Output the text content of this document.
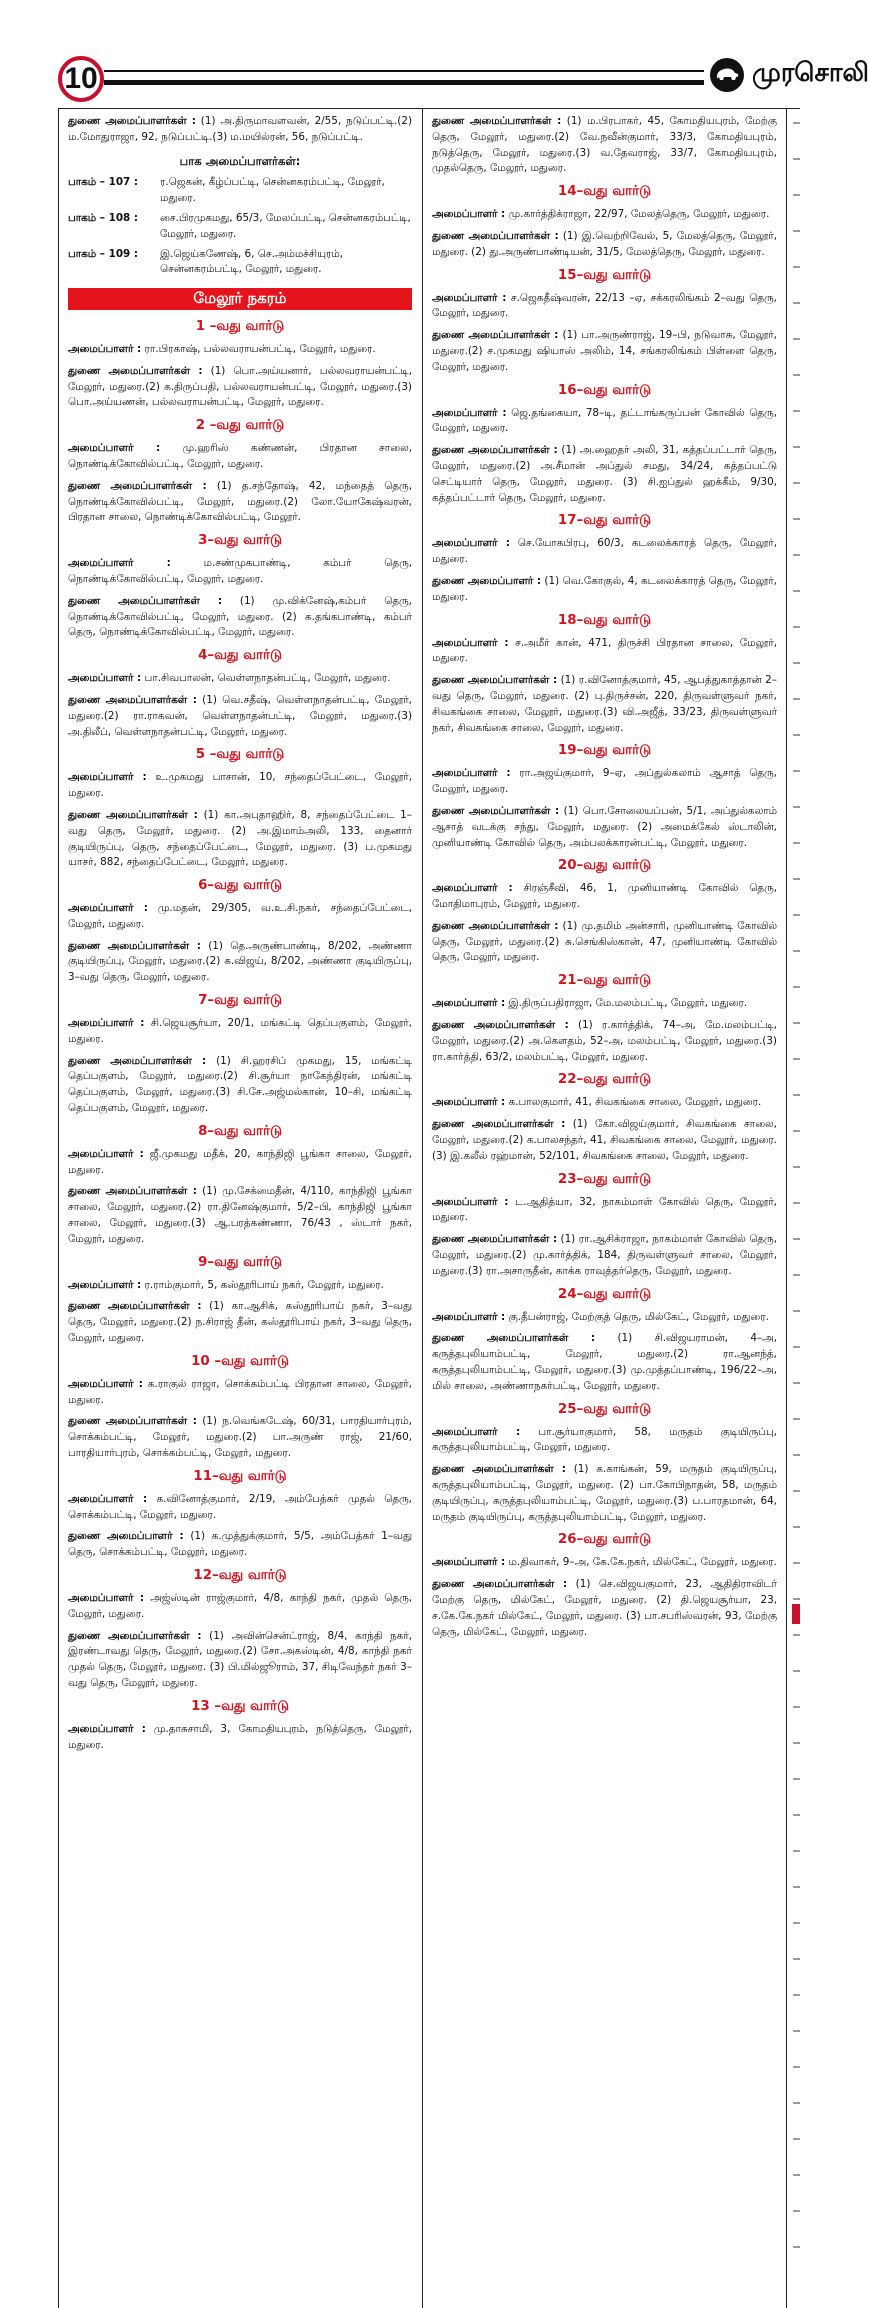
10	முரசொலி

துணை அமைப்பாளர்கள் : (1) அ.திருமாவளவன், 2/55, நடுப்பட்டி.(2) ம.மோதுராஜா, 92, நடுப்பட்டி.(3) ம.மயில்ரன், 56, நடுப்பட்டி.

பாக அமைப்பாளர்கள்:
பாகம் – 107 :	ர.ஜெகன், கீழ்ப்பட்டி, சென்னகரம்பட்டி, மேலூர், மதுரை.
பாகம் – 108 :	சை.பிரமுகமது, 65/3, மேலப்பட்டி, சென்னகரம்பட்டி, மேலூர், மதுரை.
பாகம் – 109 :	இ.ஜெய்கணேஷ், 6, செ.அம்மச்சியுரம், சென்னகரம்பட்டி, மேலூர், மதுரை.
மேலூர் நகரம்
1 –வது வார்டு

அமைப்பாளர் : ரா.பிரகாஷ், பல்லவராயன்பட்டி, மேலூர், மதுரை.

துணை அமைப்பாளர்கள் : (1) பொ.அய்யனார், பல்லவராயன்பட்டி, மேலூர், மதுரை.(2) க.திருப்பதி, பல்லவராயன்பட்டி, மேலூர், மதுரை.(3) பொ.அய்யணன், பல்லவராயன்பட்டி, மேலூர், மதுரை.

2 –வது வார்டு

அமைப்பாளர் : மு.ஹரிஸ் கண்ணன், பிரதான சாலை, நொண்டிக்கோவில்பட்டி, மேலூர், மதுரை.

துணை அமைப்பாளர்கள் : (1) த.சந்தோஷ், 42, மந்தைத் தெரு, நொண்டிக்கோவில்பட்டி, மேலூர், மதுரை.(2) லோ.யோகேஷ்வரன், பிரதான சாலை, நொண்டிக்கோவில்பட்டி, மேலூர்.

3–வது வார்டு

அமைப்பாளர் :	ம.சண்முகபாண்டி, கம்பர் தெரு, நொண்டிக்கோவில்பட்டி, மேலூர், மதுரை.

துணை அமைப்பாளர்கள் : (1) மு.விக்னேஷ்,கம்பர் தெரு, நொண்டிக்கோவில்பட்டி, மேலூர், மதுரை. (2) க.தங்கபாண்டி, கம்பர் தெரு, நொண்டிக்கோவில்பட்டி, மேலூர், மதுரை.

4–வது வார்டு

அமைப்பாளர் : பா.சிவபாலன், வெள்ளநாதன்பட்டி, மேலூர், மதுரை.

துணை அமைப்பாளர்கள் : (1) வெ.சதீஷ், வெள்ளநாதன்பட்டி, மேலூர், மதுரை.(2) ரா.ராகவன், வெள்ளநாதன்பட்டி, மேலூர், மதுரை.(3) அ.திலீப், வெள்ளநாதன்பட்டி, மேலூர், மதுரை.

5 –வது வார்டு

அமைப்பாளர் : உ.முகமது பாசான், 10, சந்தைப்பேட்டை, மேலூர், மதுரை.

துணை அமைப்பாளர்கள் : (1) கா.அபுதாஹிர், 8, சந்தைப்பேட்டை 1–வது தெரு, மேலூர், மதுரை. (2) அ.இமாம்அலி, 133, தைனார் குடியிருப்பு, தெரு, சந்தைப்பேட்டை, மேலூர், மதுரை. (3) ப.முகமது யாசர், 882, சந்தைப்பேட்டை, மேலூர், மதுரை.

6–வது வார்டு

அமைப்பாளர் : மு.மதன், 29/305, வ.உ.சி.நகர், சந்தைப்பேட்டை, மேலூர், மதுரை.

துணை அமைப்பாளர்கள் : (1) தெ.அருண்பாண்டி, 8/202, அண்ணா குடியிருப்பு, மேலூர், மதுரை.(2) க.விஜய், 8/202, அண்ணா குடியிருப்பு, 3–வது தெரு, மேலூர், மதுரை.

7–வது வார்டு

அமைப்பாளர் : சி.ஜெயசூர்யா, 20/1, மங்கட்டி தெப்பகுளம், மேலூர், மதுரை.

துணை அமைப்பாளர்கள் : (1) சி.ஹரசிப் முகமது, 15, மங்கட்டி தெப்பகுளம், மேலூர், மதுரை.(2) சி.சூர்யா நாகேந்திரன், மங்கட்டி தெப்பகுளம், மேலூர், மதுரை.(3) சி.சே.அஜ்மல்கான், 10–சி, மங்கட்டி தெப்பகுளம், மேலூர், மதுரை.

8–வது வார்டு

அமைப்பாளர் : ஜீ.முகமது மதீக், 20, காந்திஜி பூங்கா சாலை, மேலூர், மதுரை.

துணை அமைப்பாளர்கள் : (1) மு.சேக்மைதீன், 4/110, காந்திஜி பூங்கா சாலை, மேலூர், மதுரை.(2) ரா.தினேஷ்குமார், 5/2–பி, காந்திஜி பூங்கா சாலை, மேலூர், மதுரை.(3) ஆ.பரத்கண்ணா, 76/43 , ஸ்டார் நகர், மேலூர், மதுரை.

9–வது வார்டு

அமைப்பாளர் : ர.ராம்குமார், 5, கஸ்தூரிபாய் நகர், மேலூர், மதுரை.

துணை அமைப்பாளர்கள் : (1) கா.ஆசிக், கஸ்தூரிபாய் நகர், 3–வது தெரு, மேலூர், மதுரை.(2) ந.சிராஜ் தீன், கஸ்தூரிபாய் நகர், 3–வது தெரு, மேலூர், மதுரை.

10 –வது வார்டு

அமைப்பாளர் : க.ராகுல் ராஜா, சொக்கம்பட்டி பிரதான சாலை, மேலூர், மதுரை.

துணை அமைப்பாளர்கள் : (1) ந.வெங்கடேஷ், 60/31, பாரதியார்புரம், சொக்கம்பட்டி, மேலூர், மதுரை.(2) பா.அருண் ராஜ், 21/60, பாரதியார்புரம், சொக்கம்பட்டி, மேலூர், மதுரை.

11–வது வார்டு

அமைப்பாளர் : க.வினோத்குமார், 2/19, அம்பேத்கர் முதல் தெரு, சொக்கம்பட்டி, மேலூர், மதுரை.

துணை அமைப்பாளர் : (1) க.முத்துக்குமார், 5/5, அம்பேத்கர் 1–வது தெரு, சொக்கம்பட்டி, மேலூர், மதுரை.

12–வது வார்டு

அமைப்பாளர் : அஜ்ஸ்டின் ராஜ்குமார், 4/8, காந்தி நகர், முதல் தெரு, மேலூர், மதுரை.

துணை அமைப்பாளர்கள் : (1) அவின்சென்ட்ராஜ், 8/4, காந்தி நகர், இரண்டாவது தெரு, மேலூர், மதுரை.(2) சோ.அகஸ்டின், 4/8, காந்தி நகர் முதல் தெரு, மேலூர், மதுரை. (3) பி.மில்ஜூராம், 37, சிடிவேந்தர் நகர் 3–வது தெரு, மேலூர், மதுரை.

13 –வது வார்டு

அமைப்பாளர் : மு.தாசுசாமி, 3, கோமதியபுரம், நடுத்தெரு, மேலூர், மதுரை.

துணை அமைப்பாளர்கள் : (1) ம.பிரபாகர், 45, கோமதியபுரம், மேற்கு தெரு, மேலூர், மதுரை.(2) வே.நவீன்குமார், 33/3, கோமதியபுரம், நடுத்தெரு, மேலூர், மதுரை.(3) வ.தேவராஜ், 33/7, கோமதியபுரம், முதல்தெரு, மேலூர், மதுரை.

14–வது வார்டு

அமைப்பாளர் : மு.கார்த்திக்ராஜா, 22/97, மேலத்தெரு, மேலூர், மதுரை.

துணை அமைப்பாளர்கள் : (1) இ.வெற்றிவேல், 5, மேலத்தெரு, மேலூர், மதுரை. (2) து.அருண்பாண்டியன், 31/5, மேலத்தெரு, மேலூர், மதுரை.

15–வது வார்டு

அமைப்பாளர் : ச.ஜெகதீஷ்வரன், 22/13 –ஏ, சக்கரலிங்கம் 2–வது தெரு, மேலூர், மதுரை.

துணை அமைப்பாளர்கள் : (1) பா.அருண்ராஜ், 19–பி, நடுவாசு, மேலூர், மதுரை.(2) ச.முகமது ஷியாஸ் அலிம், 14, சங்கரலிங்கம் பிள்ளை தெரு, மேலூர், மதுரை.

16–வது வார்டு

அமைப்பாளர் : ஜெ.தங்கையா, 78–டி, தட்டாங்கருப்பன் கோவில் தெரு, மேலூர், மதுரை.

துணை அமைப்பாளர்கள் : (1) அ.ஹைதர் அலி, 31, கத்தப்பட்டார் தெரு, மேலூர், மதுரை.(2) அ.சீமான் அப்துல் சமது, 34/24, கத்தப்பட்டு செட்டியார் தெரு, மேலூர், மதுரை. (3) சி.ஐப்துல் ஹக்கீம், 9/30, கத்தப்பட்டார் தெரு, மேலூர், மதுரை.

17–வது வார்டு

அமைப்பாளர் : செ.யோகபிரபு, 60/3, கடலைக்காரத் தெரு, மேலூர், மதுரை.

துணை அமைப்பாளர் : (1) வெ.கோகுல், 4, கடலைக்காரத் தெரு, மேலூர், மதுரை.

18–வது வார்டு

அமைப்பாளர் : ச.அமீர் கான், 471, திருச்சி பிரதான சாலை, மேலூர், மதுரை.

துணை அமைப்பாளர்கள் : (1) ர.வினோத்குமார், 45, ஆபத்துகாத்தான் 2–வது தெரு, மேலூர், மதுரை. (2) பு.திருச்சன், 220, திருவள்ளுவர் நகர், சிவகங்கை சாலை, மேலூர், மதுரை.(3) வி.அஜீத், 33/23, திருவள்ளுவர் நகர், சிவகங்கை சாலை, மேலூர், மதுரை.

19–வது வார்டு

அமைப்பாளர் : ரா.அஜய்குமார், 9–ஏ, அப்துல்கலாம் ஆசாத் தெரு, மேலூர், மதுரை.

துணை அமைப்பாளர்கள் : (1) பொ.சோலையப்பன், 5/1, அப்துல்கலாம் ஆசாத் வடக்கு சந்து, மேலூர், மதுரை. (2) அமைக்கேல் ஸ்டாலின், முனியாண்டி கோவில் தெரு, அம்பலக்காரன்பட்டி, மேலூர், மதுரை.

20–வது வார்டு

அமைப்பாளர் : சிரஞ்சீவி, 46, 1, முனியாண்டி கோவில் தெரு, மோதிமாபுரம், மேலூர், மதுரை.

துணை அமைப்பாளர்கள் : (1) மு.தமிம் அன்சாரி, முனியாண்டி கோவில் தெரு, மேலூர், மதுரை.(2) சு.செங்கிஸ்கான், 47, முனியாண்டி கோவில் தெரு, மேலூர், மதுரை.

21–வது வார்டு

அமைப்பாளர் : இ.திருப்பதிராஜா, மே.மலம்பட்டி, மேலூர், மதுரை.

துணை அமைப்பாளர்கள் : (1) ர.கார்த்திக், 74–அ, மே.மலம்பட்டி, மேலூர், மதுரை.(2) அ.கௌதம், 52–அ, மலம்பட்டி, மேலூர், மதுரை.(3) ரா.கார்த்தி, 63/2, மலம்பட்டி, மேலூர், மதுரை.

22–வது வார்டு

அமைப்பாளர் : க.பாலகுமார், 41, சிவகங்கை சாலை, மேலூர், மதுரை.

துணை அமைப்பாளர்கள் : (1) கோ.விஜய்குமார், சிவகங்கை சாலை, மேலூர், மதுரை.(2) க.பாலசந்தர், 41, சிவகங்கை சாலை, மேலூர், மதுரை.(3) இ.கலீல் ரஹ்மான், 52/101, சிவகங்கை சாலை, மேலூர், மதுரை.

23–வது வார்டு

அமைப்பாளர் : ட.ஆதித்யா, 32, நாகம்மாள் கோவில் தெரு, மேலூர், மதுரை.

துணை அமைப்பாளர்கள் : (1) ரா.ஆசிக்ராஜா, நாகம்மாள் கோவில் தெரு, மேலூர், மதுரை.(2) மு.கார்த்திக், 184, திருவள்ளுவர் சாலை, மேலூர், மதுரை.(3) ரா.அசாருதீன், காக்க ராவுத்தர்தெரு, மேலூர், மதுரை.

24–வது வார்டு

அமைப்பாளர் : கு.தீபன்ராஜ், மேற்குத் தெரு, மில்கேட், மேலூர், மதுரை.

துணை அமைப்பாளர்கள் : (1) சி.விஜயராமன், 4–அ, கருத்தபுலியாம்பட்டி, மேலூர், மதுரை.(2) ரா.ஆனந்த், கருத்தபுலியாம்பட்டி, மேலூர், மதுரை.(3) மு.முத்தப்பாண்டி, 196/22–அ, மில் சாலை, அண்ணாநகர்பட்டி, மேலூர், மதுரை.

25–வது வார்டு

அமைப்பாளர் : பா.சூர்யாகுமார், 58, மருதம் குடியிருப்பு, கருத்தபுலியாம்பட்டி, மேலூர், மதுரை.

துணை அமைப்பாளர்கள் : (1) க.காங்கன், 59, மருதம் குடியிருப்பு, கருத்தபுலியாம்பட்டி, மேலூர், மதுரை. (2) பா.கோபிநாதன், 58, மருதம் குடியிருப்பு, கருத்தபுலியாம்பட்டி, மேலூர், மதுரை.(3) ப.பாரதமான், 64, மருதம் குடியிருப்பு, கருத்தபுலியாம்பட்டி, மேலூர், மதுரை.

26–வது வார்டு

அமைப்பாளர் : ம.திவாகர், 9–அ, கே.கே.நகர், மில்கேட், மேலூர், மதுரை.

துணை அமைப்பாளர்கள் : (1) செ.விஜயகுமார், 23, ஆதிதிராவிடர் மேற்கு தெரு, மில்கேட், மேலூர், மதுரை. (2) தி.ஜெயசூர்யா, 23, ச.கே.கே.நகர் மில்கேட், மேலூர், மதுரை. (3) பா.சபரிஸ்வரன், 93, மேற்கு தெரு, மில்கேட், மேலூர், மதுரை.
